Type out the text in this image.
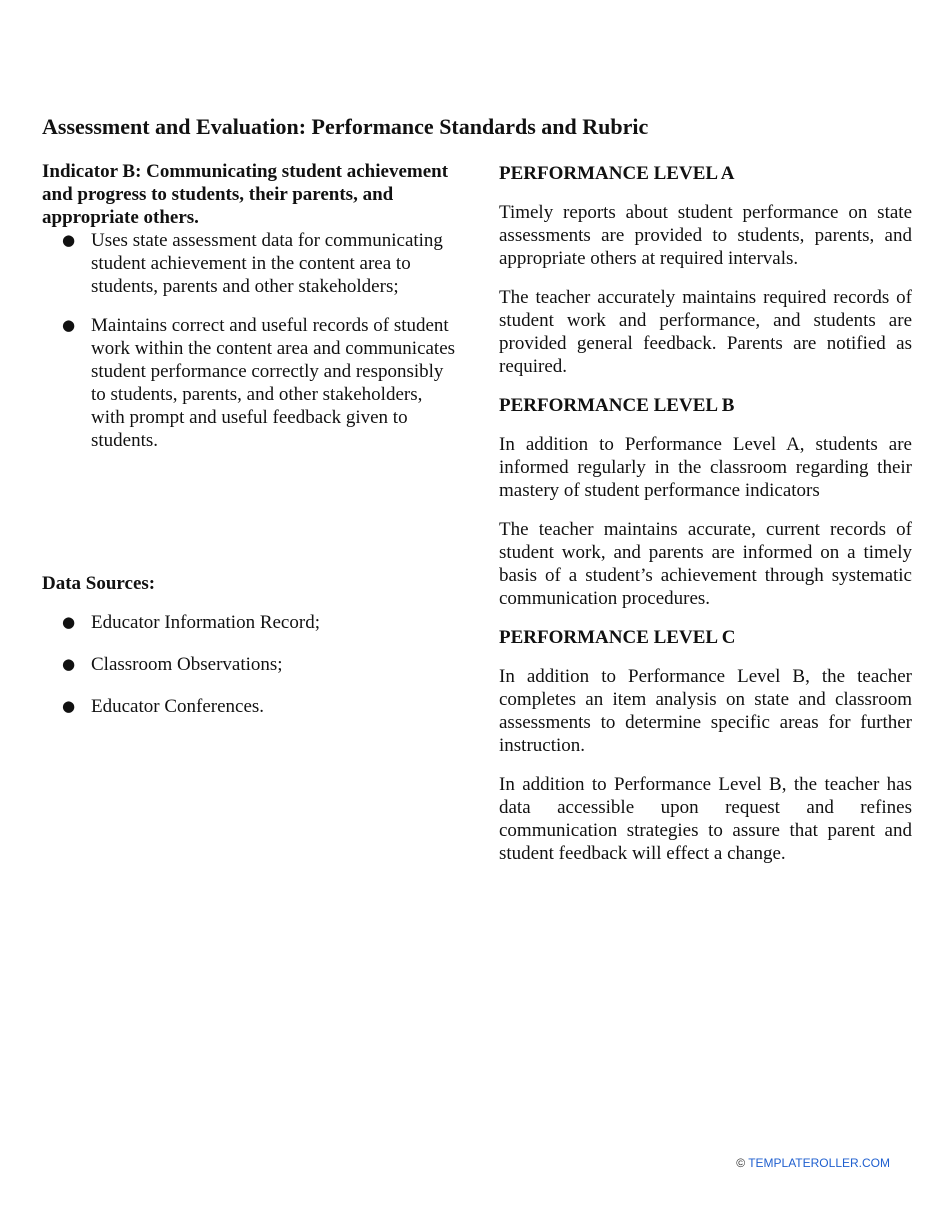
Assessment and Evaluation: Performance Standards and Rubric
Indicator B: Communicating student achievement and progress to students, their parents, and appropriate others.
● Uses state assessment data for communicating student achievement in the content area to students, parents and other stakeholders;
● Maintains correct and useful records of student work within the content area and communicates student performance correctly and responsibly to students, parents, and other stakeholders, with prompt and useful feedback given to students.
Data Sources:
● Educator Information Record;
● Classroom Observations;
● Educator Conferences.
PERFORMANCE LEVEL A

Timely reports about student performance on state assessments are provided to students, parents, and appropriate others at required intervals.

The teacher accurately maintains required records of student work and performance, and students are provided general feedback. Parents are notified as required.

PERFORMANCE LEVEL B

In addition to Performance Level A, students are informed regularly in the classroom regarding their mastery of student performance indicators

The teacher maintains accurate, current records of student work, and parents are informed on a timely basis of a student’s achievement through systematic communication procedures.

PERFORMANCE LEVEL C

In addition to Performance Level B, the teacher completes an item analysis on state and classroom assessments to determine specific areas for further instruction.

In addition to Performance Level B, the teacher has data accessible upon request and refines communication strategies to assure that parent and student feedback will effect a change.

© TEMPLATEROLLER.COM
